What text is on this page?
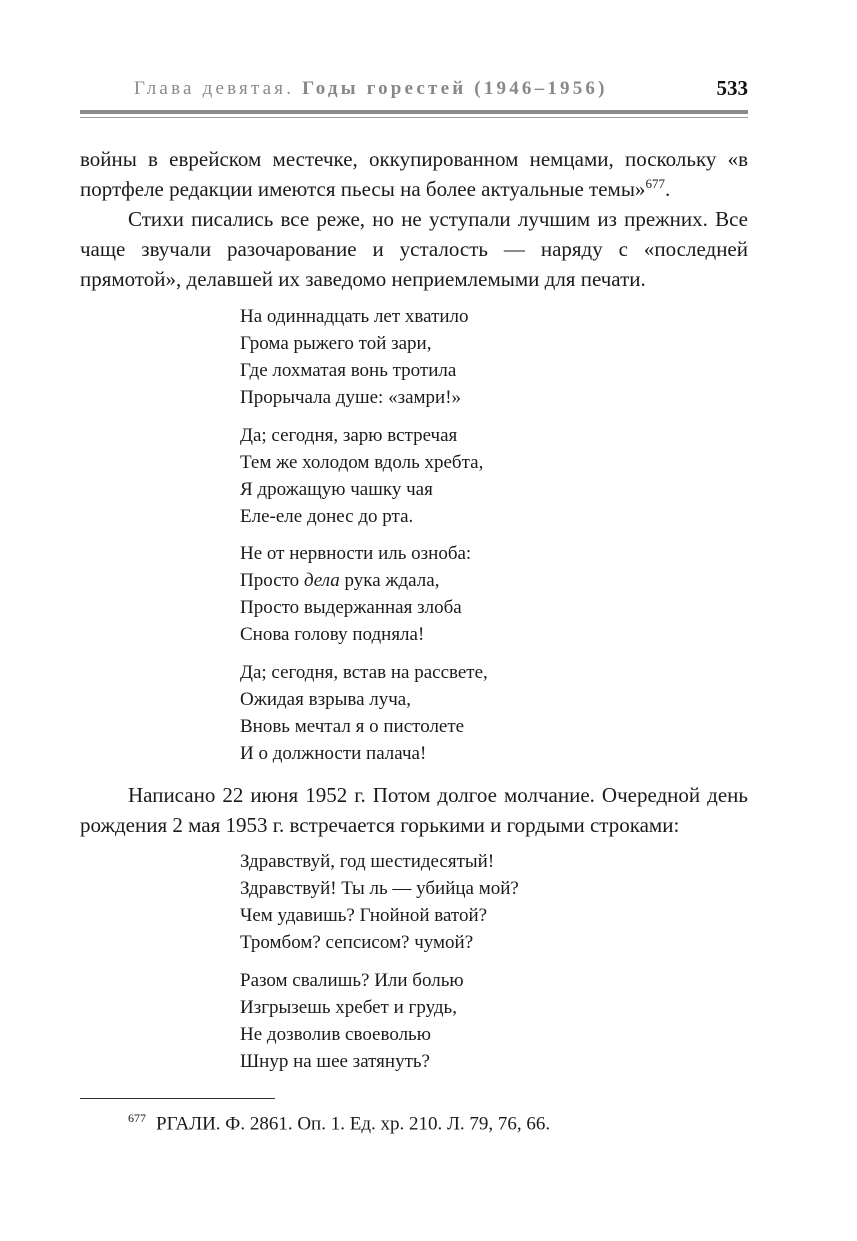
Глава девятая. Годы горестей (1946–1956)	533

войны в еврейском местечке, оккупированном немцами, поскольку «в портфеле редакции имеются пьесы на более актуальные темы»$^{677}$.

Стихи писались все реже, но не уступали лучшим из прежних. Все чаще звучали разочарование и усталость — наряду с «последней прямотой», делавшей их заведомо неприемлемыми для печати.

На одиннадцать лет хватило
Грома рыжего той зари,
Где лохматая вонь тротила
Прорычала душе: «замри!»
Да; сегодня, зарю встречая
Тем же холодом вдоль хребта,
Я дрожащую чашку чая
Еле-еле донес до рта.
Не от нервности иль озноба:
Просто дела рука ждала,
Просто выдержанная злоба
Снова голову подняла!
Да; сегодня, встав на рассвете,
Ожидая взрыва луча,
Вновь мечтал я о пистолете
И о должности палача!

Написано 22 июня 1952 г. Потом долгое молчание. Очередной день рождения 2 мая 1953 г. встречается горькими и гордыми строками:

Здравствуй, год шестидесятый!
Здравствуй! Ты ль — убийца мой?
Чем удавишь? Гнойной ватой?
Тромбом? сепсисом? чумой?
Разом свалишь? Или болью
Изгрызешь хребет и грудь,
Не дозволив своеволью
Шнур на шее затянуть?
$^{677}$ РГАЛИ. Ф. 2861. Оп. 1. Ед. хр. 210. Л. 79, 76, 66.
